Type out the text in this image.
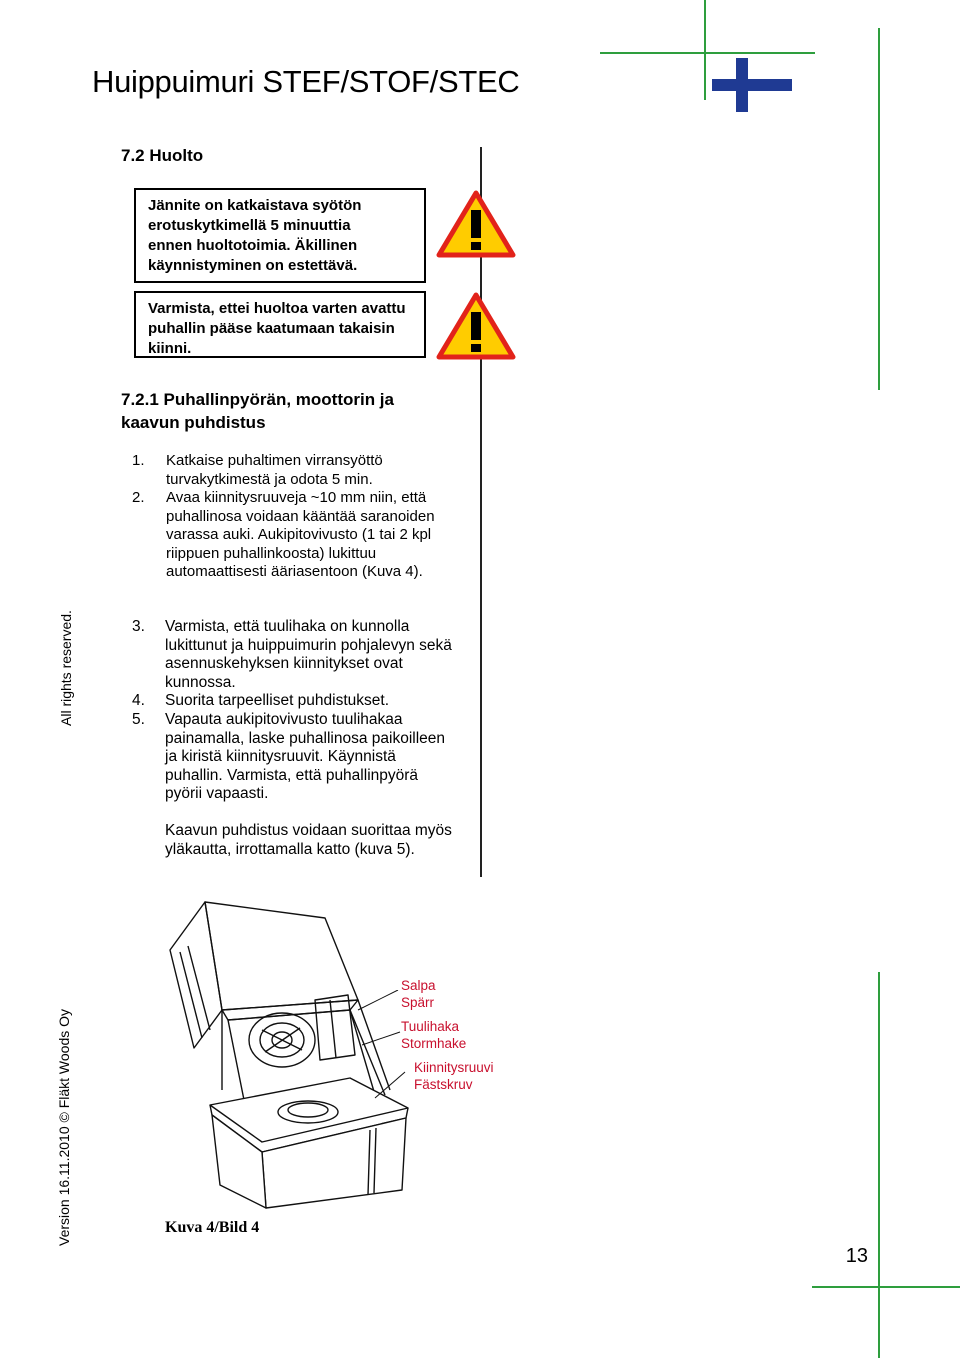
Huippuimuri STEF/STOF/STEC
7.2 Huolto
Jännite on katkaistava syötön erotuskytkimellä 5 minuuttia ennen huoltotoimia. Äkillinen käynnistyminen on estettävä.
Varmista, ettei huoltoa varten avattu puhallin pääse kaatumaan takaisin kiinni.
7.2.1 Puhallinpyörän, moottorin ja kaavun puhdistus
1. Katkaise puhaltimen virransyöttö turvakytkimestä ja odota 5 min.
2. Avaa kiinnitysruuveja ~10 mm niin, että puhallinosa voidaan kääntää saranoiden varassa auki. Aukipitovivusto (1 tai 2 kpl riippuen puhallinkoosta) lukittuu automaattisesti ääriasentoon (Kuva 4).
3. Varmista, että tuulihaka on kunnolla lukittunut ja huippuimurin pohjalevyn sekä asennuskehyksen kiinnitykset ovat kunnossa.
4. Suorita tarpeelliset puhdistukset.
5. Vapauta aukipitovivusto tuulihakaa painamalla, laske puhallinosa paikoilleen ja kiristä kiinnitysruuvit. Käynnistä puhallin. Varmista, että puhallinpyörä pyörii vapaasti.
Kaavun puhdistus voidaan suorittaa myös yläkautta, irrottamalla katto (kuva 5).
All rights reserved.
Version 16.11.2010 © Fläkt Woods Oy
Salpa
Spärr
Tuulihaka
Stormhake
Kiinnitysruuvi
Fästskruv
Kuva 4/Bild 4
13
